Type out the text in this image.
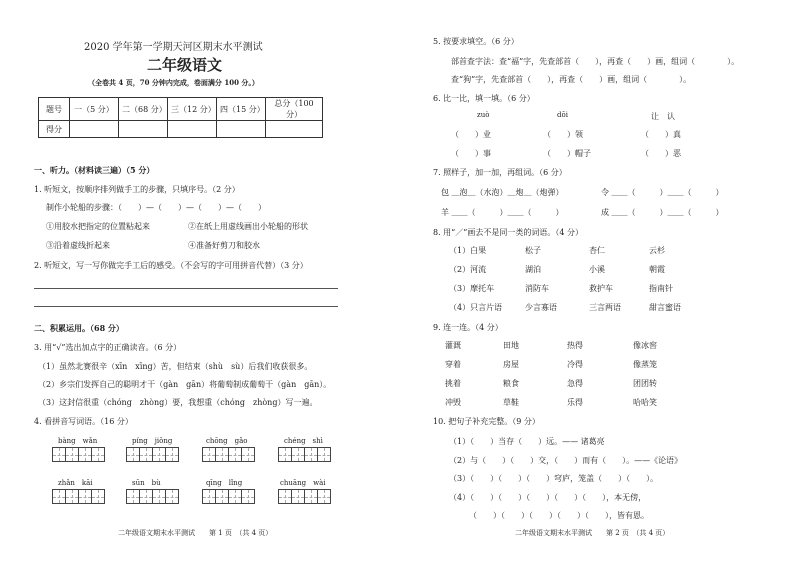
2020 学年第一学期天河区期末水平测试
二年级语文
（全卷共 4 页，70 分钟内完成，卷面满分 100 分。）
题号	一（5 分）	二（68 分）	三（12 分）	四（15 分）	总分（100 分）
得分					
一、听力。（材料读三遍）（5 分）
1. 听短文，按顺序排列做手工的步骤，只填序号。（2 分）
制作小轮船的步骤：（　　）—（　　）—（　　）—（　　）
①用胶水把指定的位置粘起来	②在纸上用虚线画出小轮船的形状
③沿着虚线折起来	④准备好剪刀和胶水
2. 听短文，写一写你做完手工后的感受。（不会写的字可用拼音代替）（3 分）
二、积累运用。（68 分）
3. 用“√”选出加点字的正确读音。（6 分）
（1）虽然北赛很辛（xīn　xīng）苦，但结束（shù　sù）后我们收获很多。
（2）乡宗们发挥自己的聪明才干（gàn　gān）将葡萄制成葡萄干（gàn　gān）。
（3）这封信很重（chóng　zhòng）要，我想重（chóng　zhòng）写一遍。
4. 看拼音写词语。（16 分）
bàng　wǎn	píng　jiǒng	chōng　gǎo	chéng　shì
zhǎn　kāi	sūn　bù	qīng　lǐng	chuāng　wài
二年级语文期末水平测试　　第 1 页　（共 4 页）
5. 按要求填空。（6 分）
部首查字法：查“福”字，先查部首（　　），再查（　　）画，组词（　　　　）。
查“狗”字，先查部首（　　），再查（　　）画，组词（　　　　）。
6. 比一比，填一填。（6 分）
zuò	dōi	让　认
（　　）业	（　　）领	（　　）真
（　　）事	（　　）帽子	（　　）恶
7. 照样子，加一加，再组词。（6 分）
包 ＿泡＿（水泡）＿炮＿（炮弹）	令 ＿＿（　　　）＿＿（　　　）
羊 ＿＿（　　　）＿＿（　　　）	成 ＿＿（　　　）＿＿（　　　）
8. 用“／”画去不是同一类的词语。（4 分）
（1）白果	松子	杏仁	云杉
（2）河流	湖泊	小溪	朝霞
（3）摩托车	消防车	救护车	指南针
（4）只言片语	少言寡语	三言两语	甜言蜜语
9. 连一连。（4 分）
灌溉	田地	热得	像冰窖
穿着	房屋	冷得	像蒸笼
挑着	粮食	急得	团团转
冲毁	草鞋	乐得	哈哈笑
10. 把句子补充完整。（9 分）
（1）（　　）当存（　　）远。—— 诸葛亮
（2）与（　　）（　　）交，（　　）而有（　　）。——《论语》
（3）（　　）（　　）（　　）穹庐，笼盖（　　）（　　）。
（4）（　　）（　　）（　　）（　　）（　　），本无傍，
（　　）（　　）（　　）（　　）（　　），皆有恩。
二年级语文期末水平测试　　第 2 页　（共 4 页）
